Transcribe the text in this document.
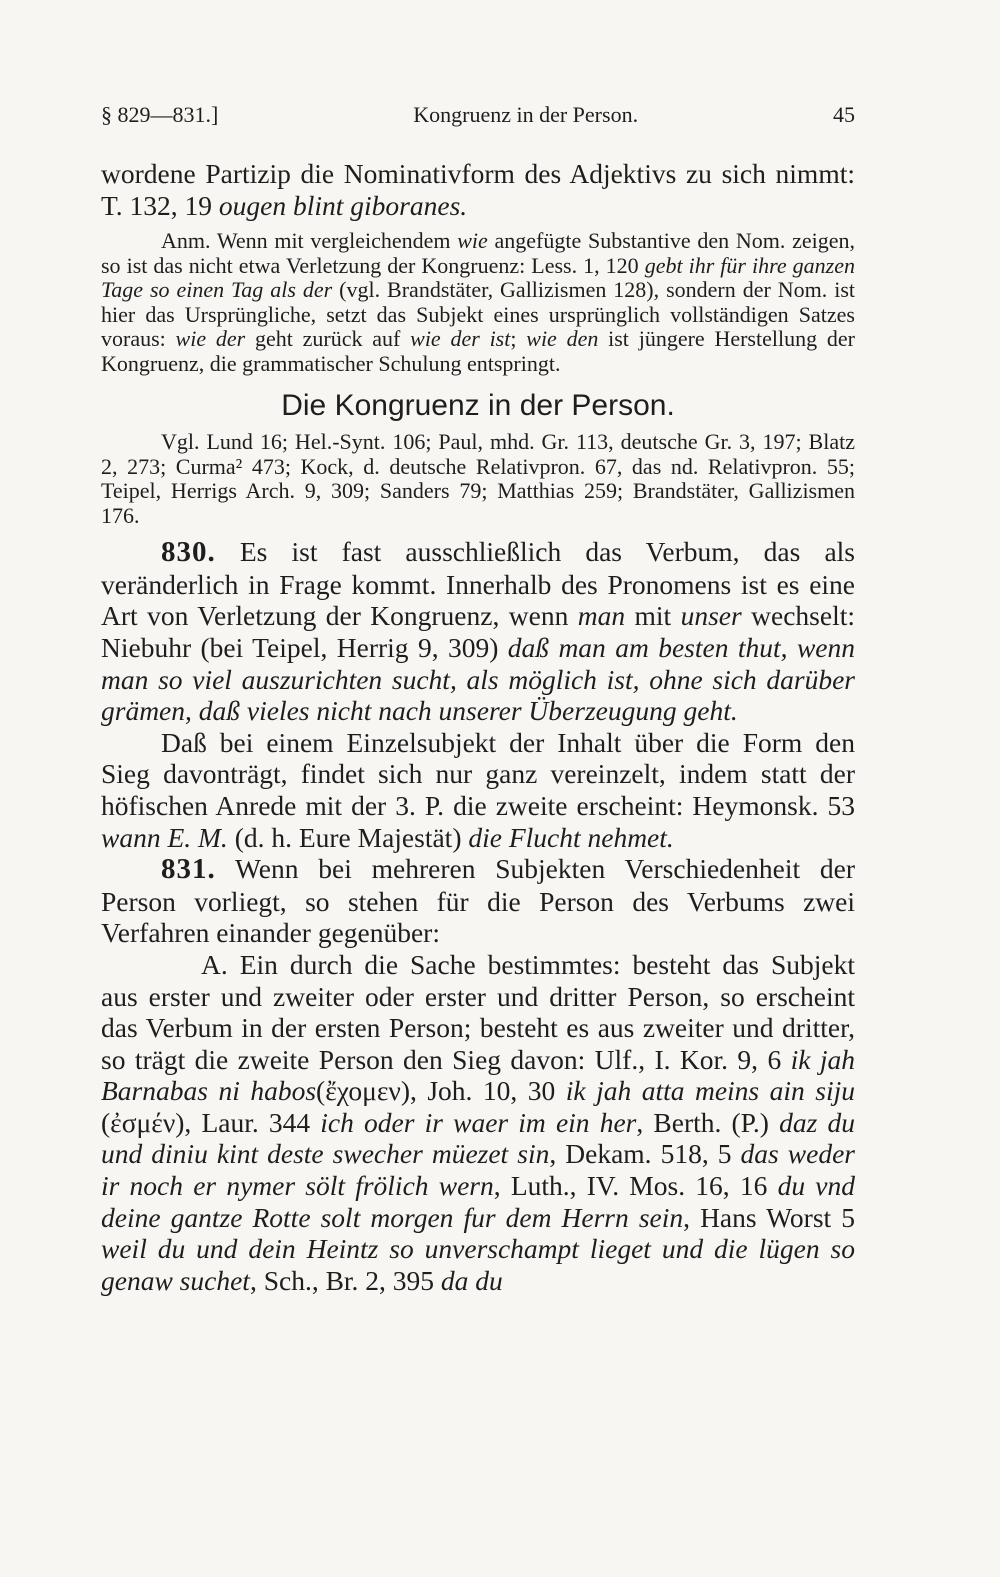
§ 829—831.]	Kongruenz in der Person.	45

wordene Partizip die Nominativform des Adjektivs zu sich nimmt: T. 132, 19 ougen blint giboranes.

Anm. Wenn mit vergleichendem wie angefügte Substantive den Nom. zeigen, so ist das nicht etwa Verletzung der Kongruenz: Less. 1, 120 gebt ihr für ihre ganzen Tage so einen Tag als der (vgl. Brandstäter, Gallizismen 128), sondern der Nom. ist hier das Ursprüngliche, setzt das Subjekt eines ursprünglich vollständigen Satzes voraus: wie der geht zurück auf wie der ist; wie den ist jüngere Herstellung der Kongruenz, die grammatischer Schulung entspringt.

Die Kongruenz in der Person.

Vgl. Lund 16; Hel.-Synt. 106; Paul, mhd. Gr. 113, deutsche Gr. 3, 197; Blatz 2, 273; Curma² 473; Kock, d. deutsche Relativpron. 67, das nd. Relativpron. 55; Teipel, Herrigs Arch. 9, 309; Sanders 79; Matthias 259; Brandstäter, Gallizismen 176.

830. Es ist fast ausschließlich das Verbum, das als veränderlich in Frage kommt. Innerhalb des Pronomens ist es eine Art von Verletzung der Kongruenz, wenn man mit unser wechselt: Niebuhr (bei Teipel, Herrig 9, 309) daß man am besten thut, wenn man so viel auszurichten sucht, als möglich ist, ohne sich darüber grämen, daß vieles nicht nach unserer Überzeugung geht.

Daß bei einem Einzelsubjekt der Inhalt über die Form den Sieg davonträgt, findet sich nur ganz vereinzelt, indem statt der höfischen Anrede mit der 3. P. die zweite erscheint: Heymonsk. 53 wann E. M. (d. h. Eure Majestät) die Flucht nehmet.

831. Wenn bei mehreren Subjekten Verschiedenheit der Person vorliegt, so stehen für die Person des Verbums zwei Verfahren einander gegenüber:

A. Ein durch die Sache bestimmtes: besteht das Subjekt aus erster und zweiter oder erster und dritter Person, so erscheint das Verbum in der ersten Person; besteht es aus zweiter und dritter, so trägt die zweite Person den Sieg davon: Ulf., I. Kor. 9, 6 ik jah Barnabas ni habos(ἔχομεν), Joh. 10, 30 ik jah atta meins ain siju (ἐσμέν), Laur. 344 ich oder ir waer im ein her, Berth. (P.) daz du und diniu kint deste swecher müezet sin, Dekam. 518, 5 das weder ir noch er nymer sölt frölich wern, Luth., IV. Mos. 16, 16 du vnd deine gantze Rotte solt morgen fur dem Herrn sein, Hans Worst 5 weil du und dein Heintz so unverschampt lieget und die lügen so genaw suchet, Sch., Br. 2, 395 da du
